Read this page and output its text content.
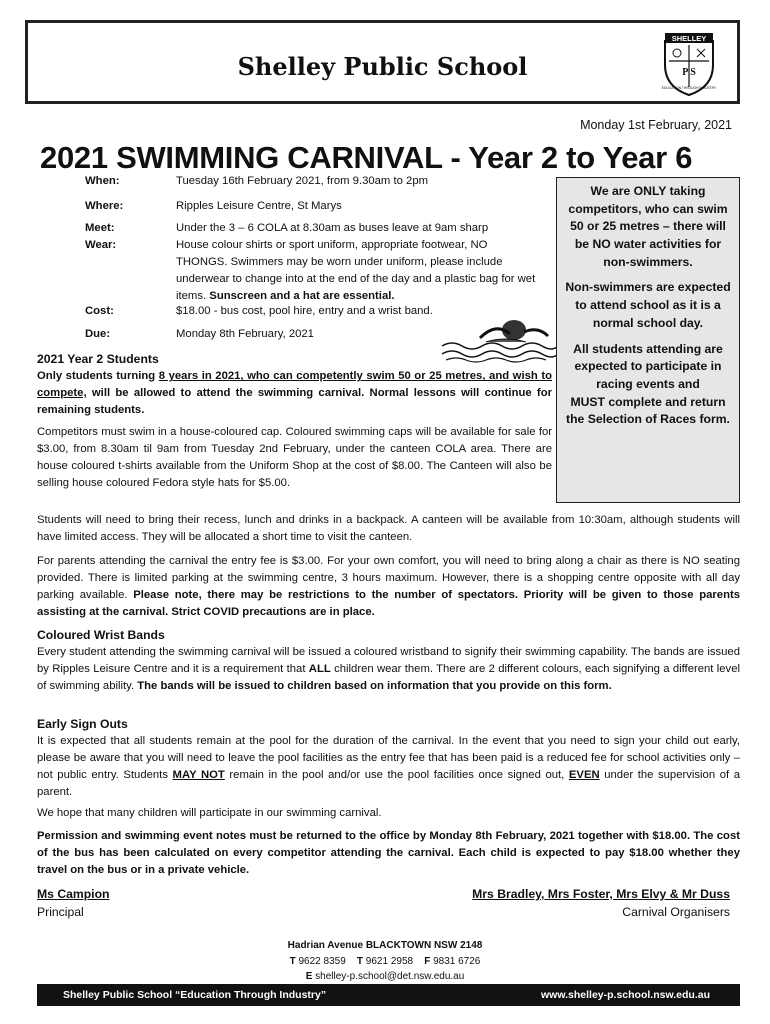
Shelley Public School
SHELLEY
P S
EDUCATION THROUGH INDUSTRY
Monday 1st February, 2021
2021 SWIMMING CARNIVAL - Year 2 to Year 6
When:	Tuesday 16th February 2021, from 9.30am to 2pm
Where:	Ripples Leisure Centre, St Marys
Meet:	Under the 3 – 6 COLA at 8.30am as buses leave at 9am sharp
Wear:	House colour shirts or sport uniform, appropriate footwear, NO THONGS. Swimmers may be worn under uniform, please include underwear to change into at the end of the day and a plastic bag for wet items. Sunscreen and a hat are essential.
Cost:	$18.00 - bus cost, pool hire, entry and a wrist band.
Due:	Monday 8th February, 2021

We are ONLY taking competitors, who can swim 50 or 25 metres – there will be NO water activities for non-swimmers.

Non-swimmers are expected to attend school as it is a normal school day.

All students attending are expected to participate in racing events and

MUST complete and return the Selection of Races form.

2021 Year 2 Students
Only students turning 8 years in 2021, who can competently swim 50 or 25 metres, and wish to compete, will be allowed to attend the swimming carnival. Normal lessons will continue for remaining students.
Competitors must swim in a house-coloured cap. Coloured swimming caps will be available for sale for $3.00, from 8.30am til 9am from Tuesday 2nd February, under the canteen COLA area. There are house coloured t-shirts available from the Uniform Shop at the cost of $8.00. The Canteen will also be selling house coloured Fedora style hats for $5.00.
Students will need to bring their recess, lunch and drinks in a backpack. A canteen will be available from 10:30am, although students will have limited access. They will be allocated a short time to visit the canteen.
For parents attending the carnival the entry fee is $3.00. For your own comfort, you will need to bring along a chair as there is NO seating provided. There is limited parking at the swimming centre, 3 hours maximum. However, there is a shopping centre opposite with all day parking available. Please note, there may be restrictions to the number of spectators. Priority will be given to those parents assisting at the carnival. Strict COVID precautions are in place.
Coloured Wrist Bands
Every student attending the swimming carnival will be issued a coloured wristband to signify their swimming capability. The bands are issued by Ripples Leisure Centre and it is a requirement that ALL children wear them. There are 2 different colours, each signifying a different level of swimming ability. The bands will be issued to children based on information that you provide on this form.
Early Sign Outs
It is expected that all students remain at the pool for the duration of the carnival. In the event that you need to sign your child out early, please be aware that you will need to leave the pool facilities as the entry fee that has been paid is a reduced fee for school activities only – not public entry. Students MAY NOT remain in the pool and/or use the pool facilities once signed out, EVEN under the supervision of a parent.
We hope that many children will participate in our swimming carnival.
Permission and swimming event notes must be returned to the office by Monday 8th February, 2021 together with $18.00. The cost of the bus has been calculated on every competitor attending the carnival. Each child is expected to pay $18.00 whether they travel on the bus or in a private vehicle.
Ms Campion
Principal
Mrs Bradley, Mrs Foster, Mrs Elvy & Mr Duss
Carnival Organisers
Hadrian Avenue BLACKTOWN NSW 2148
T 9622 8359 T 9621 2958 F 9831 6726
E shelley-p.school@det.nsw.edu.au
Shelley Public School “Education Through Industry”	www.shelley-p.school.nsw.edu.au
